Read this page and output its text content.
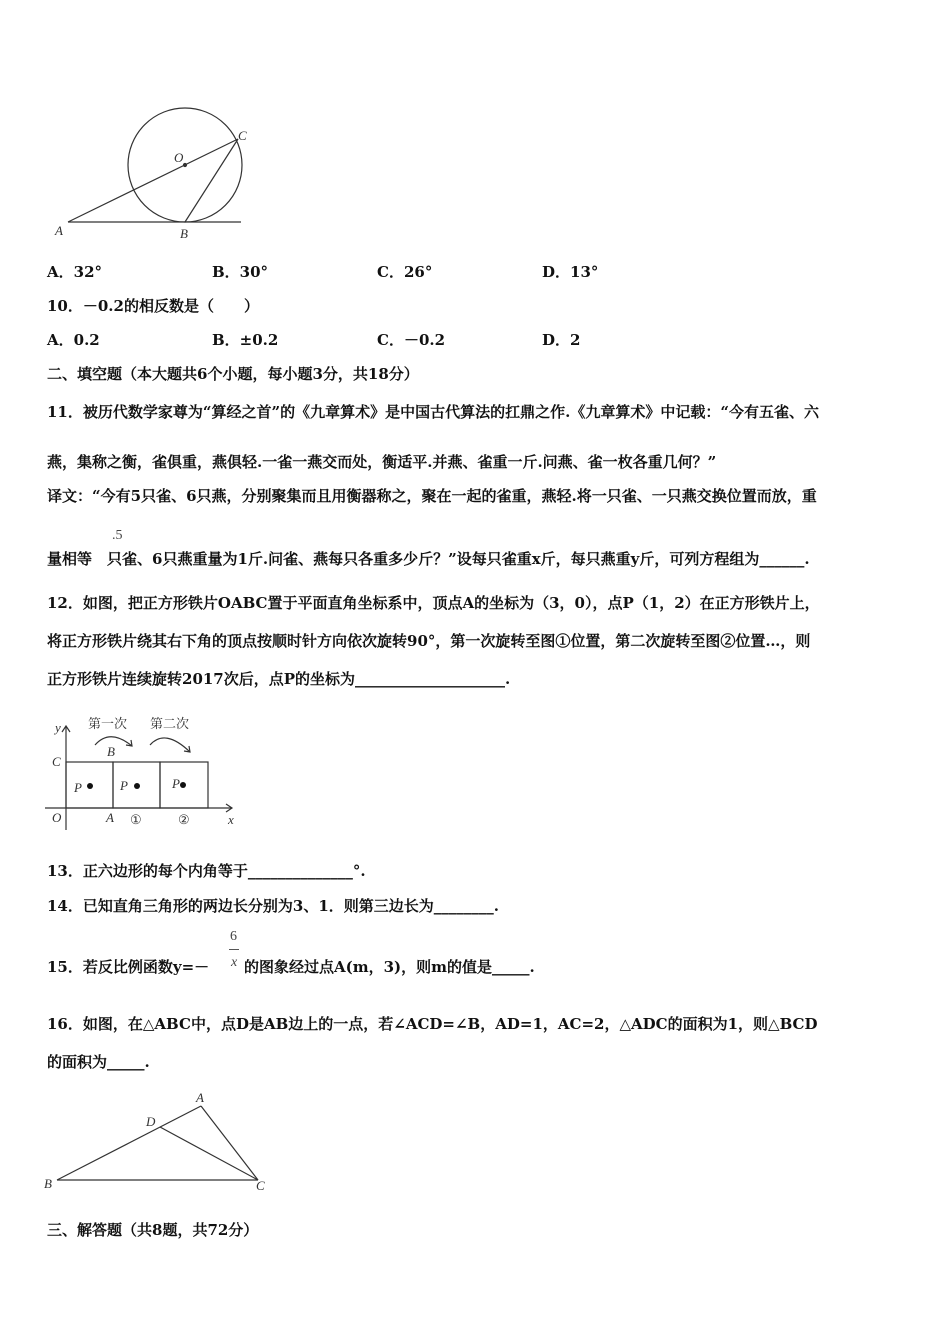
A	B
C
O
y
x
C
B
O	A
P	P	P
①	②
第一次 第二次
A
B	C
D
A．32°	B．30°	C．26°	D．13°
10．－0.2的相反数是（　　）
A．0.2	B．±0.2	C．－0.2	D．2
二、填空题（本大题共6个小题，每小题3分，共18分）
11．被历代数学家尊为“算经之首”的《九章算术》是中国古代算法的扛鼎之作.《九章算术》中记载：“今有五雀、六
燕，集称之衡，雀俱重，燕俱轻.一雀一燕交而处，衡适平.并燕、雀重一斤.问燕、雀一枚各重几何？”
译文：“今有5只雀、6只燕，分别聚集而且用衡器称之，聚在一起的雀重，燕轻.将一只雀、一只燕交换位置而放，重
.5
量相等　只雀、6只燕重量为1斤.问雀、燕每只各重多少斤？”设每只雀重x斤，每只燕重y斤，可列方程组为______.
12．如图，把正方形铁片OABC置于平面直角坐标系中，顶点A的坐标为（3，0），点P（1，2）在正方形铁片上，
将正方形铁片绕其右下角的顶点按顺时针方向依次旋转90°，第一次旋转至图①位置，第二次旋转至图②位置…，则
正方形铁片连续旋转2017次后，点P的坐标为____________________.
13．正六边形的每个内角等于______________°.
14．已知直角三角形的两边长分别为3、1．则第三边长为________.
15．若反比例函数y=－
6
x 的图象经过点A(m，3)，则m的值是_____.
16．如图，在△ABC中，点D是AB边上的一点，若∠ACD=∠B，AD=1，AC=2，△ADC的面积为1，则△BCD
的面积为_____.
三、解答题（共8题，共72分）
